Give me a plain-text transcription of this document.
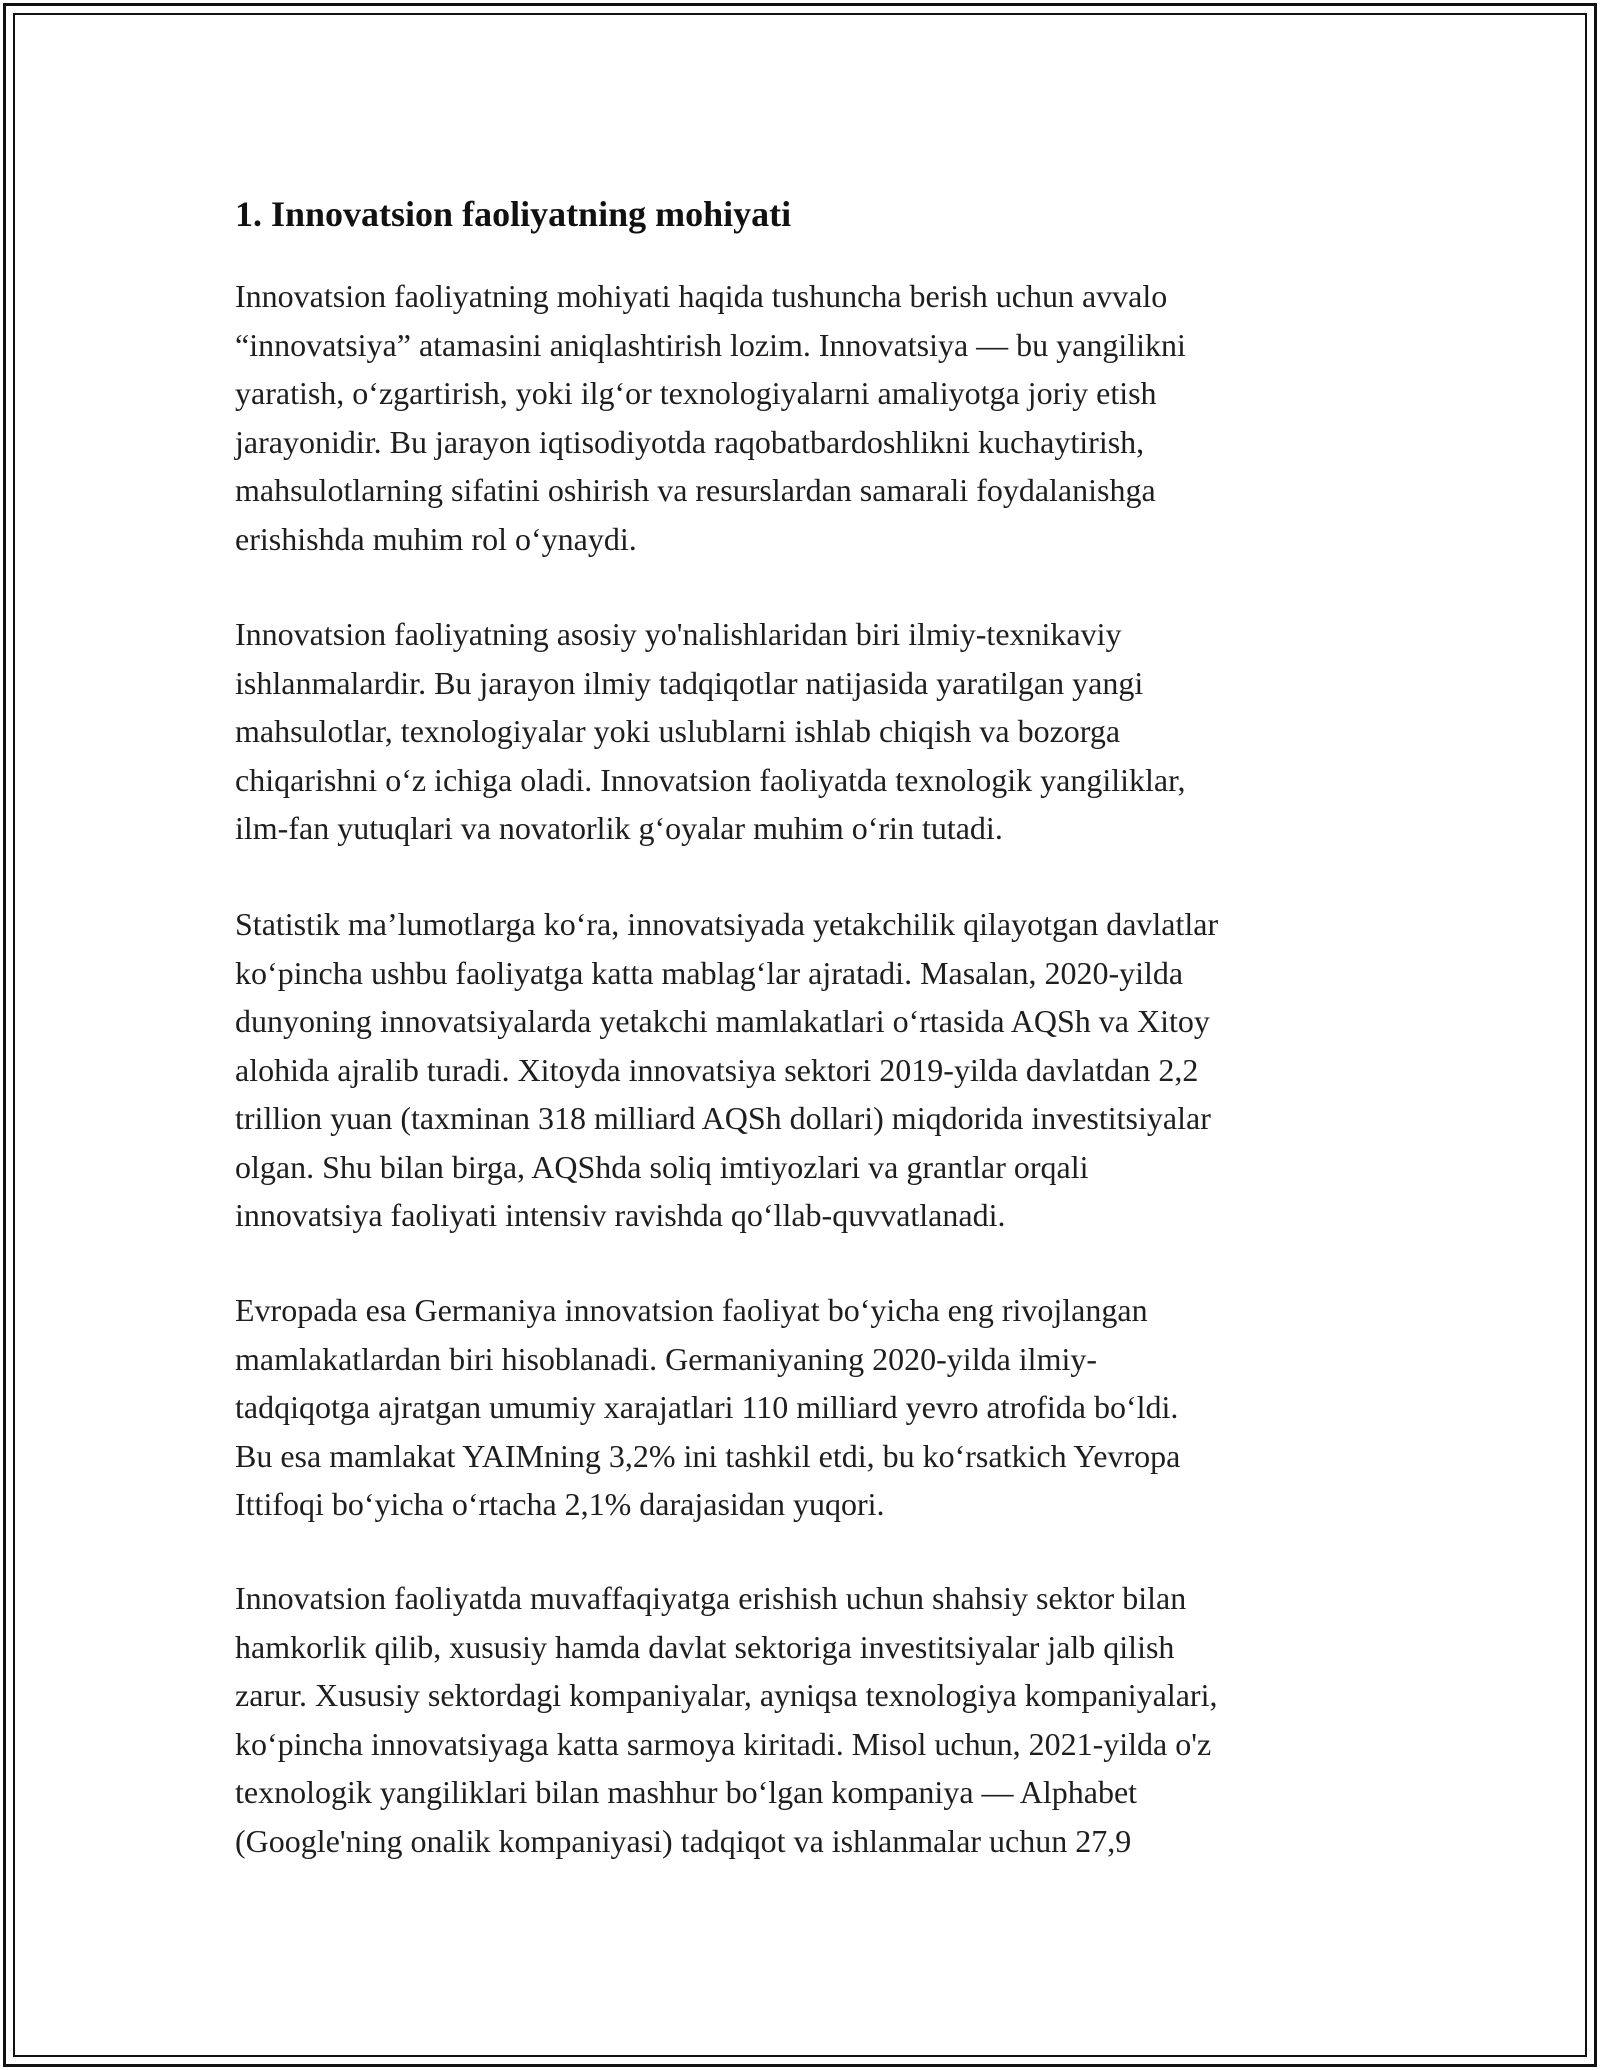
1. Innovatsion faoliyatning mohiyati

Innovatsion faoliyatning mohiyati haqida tushuncha berish uchun avvalo
“innovatsiya” atamasini aniqlashtirish lozim. Innovatsiya — bu yangilikni
yaratish, o‘zgartirish, yoki ilg‘or texnologiyalarni amaliyotga joriy etish
jarayonidir. Bu jarayon iqtisodiyotda raqobatbardoshlikni kuchaytirish,
mahsulotlarning sifatini oshirish va resurslardan samarali foydalanishga
erishishda muhim rol o‘ynaydi.

Innovatsion faoliyatning asosiy yo'nalishlaridan biri ilmiy-texnikaviy
ishlanmalardir. Bu jarayon ilmiy tadqiqotlar natijasida yaratilgan yangi
mahsulotlar, texnologiyalar yoki uslublarni ishlab chiqish va bozorga
chiqarishni o‘z ichiga oladi. Innovatsion faoliyatda texnologik yangiliklar,
ilm-fan yutuqlari va novatorlik g‘oyalar muhim o‘rin tutadi.

Statistik ma’lumotlarga ko‘ra, innovatsiyada yetakchilik qilayotgan davlatlar
ko‘pincha ushbu faoliyatga katta mablag‘lar ajratadi. Masalan, 2020-yilda
dunyoning innovatsiyalarda yetakchi mamlakatlari o‘rtasida AQSh va Xitoy
alohida ajralib turadi. Xitoyda innovatsiya sektori 2019-yilda davlatdan 2,2
trillion yuan (taxminan 318 milliard AQSh dollari) miqdorida investitsiyalar
olgan. Shu bilan birga, AQShda soliq imtiyozlari va grantlar orqali
innovatsiya faoliyati intensiv ravishda qo‘llab-quvvatlanadi.

Evropada esa Germaniya innovatsion faoliyat bo‘yicha eng rivojlangan
mamlakatlardan biri hisoblanadi. Germaniyaning 2020-yilda ilmiy-
tadqiqotga ajratgan umumiy xarajatlari 110 milliard yevro atrofida bo‘ldi.
Bu esa mamlakat YAIMning 3,2% ini tashkil etdi, bu ko‘rsatkich Yevropa
Ittifoqi bo‘yicha o‘rtacha 2,1% darajasidan yuqori.

Innovatsion faoliyatda muvaffaqiyatga erishish uchun shahsiy sektor bilan
hamkorlik qilib, xususiy hamda davlat sektoriga investitsiyalar jalb qilish
zarur. Xususiy sektordagi kompaniyalar, ayniqsa texnologiya kompaniyalari,
ko‘pincha innovatsiyaga katta sarmoya kiritadi. Misol uchun, 2021-yilda o'z
texnologik yangiliklari bilan mashhur bo‘lgan kompaniya — Alphabet
(Google'ning onalik kompaniyasi) tadqiqot va ishlanmalar uchun 27,9
